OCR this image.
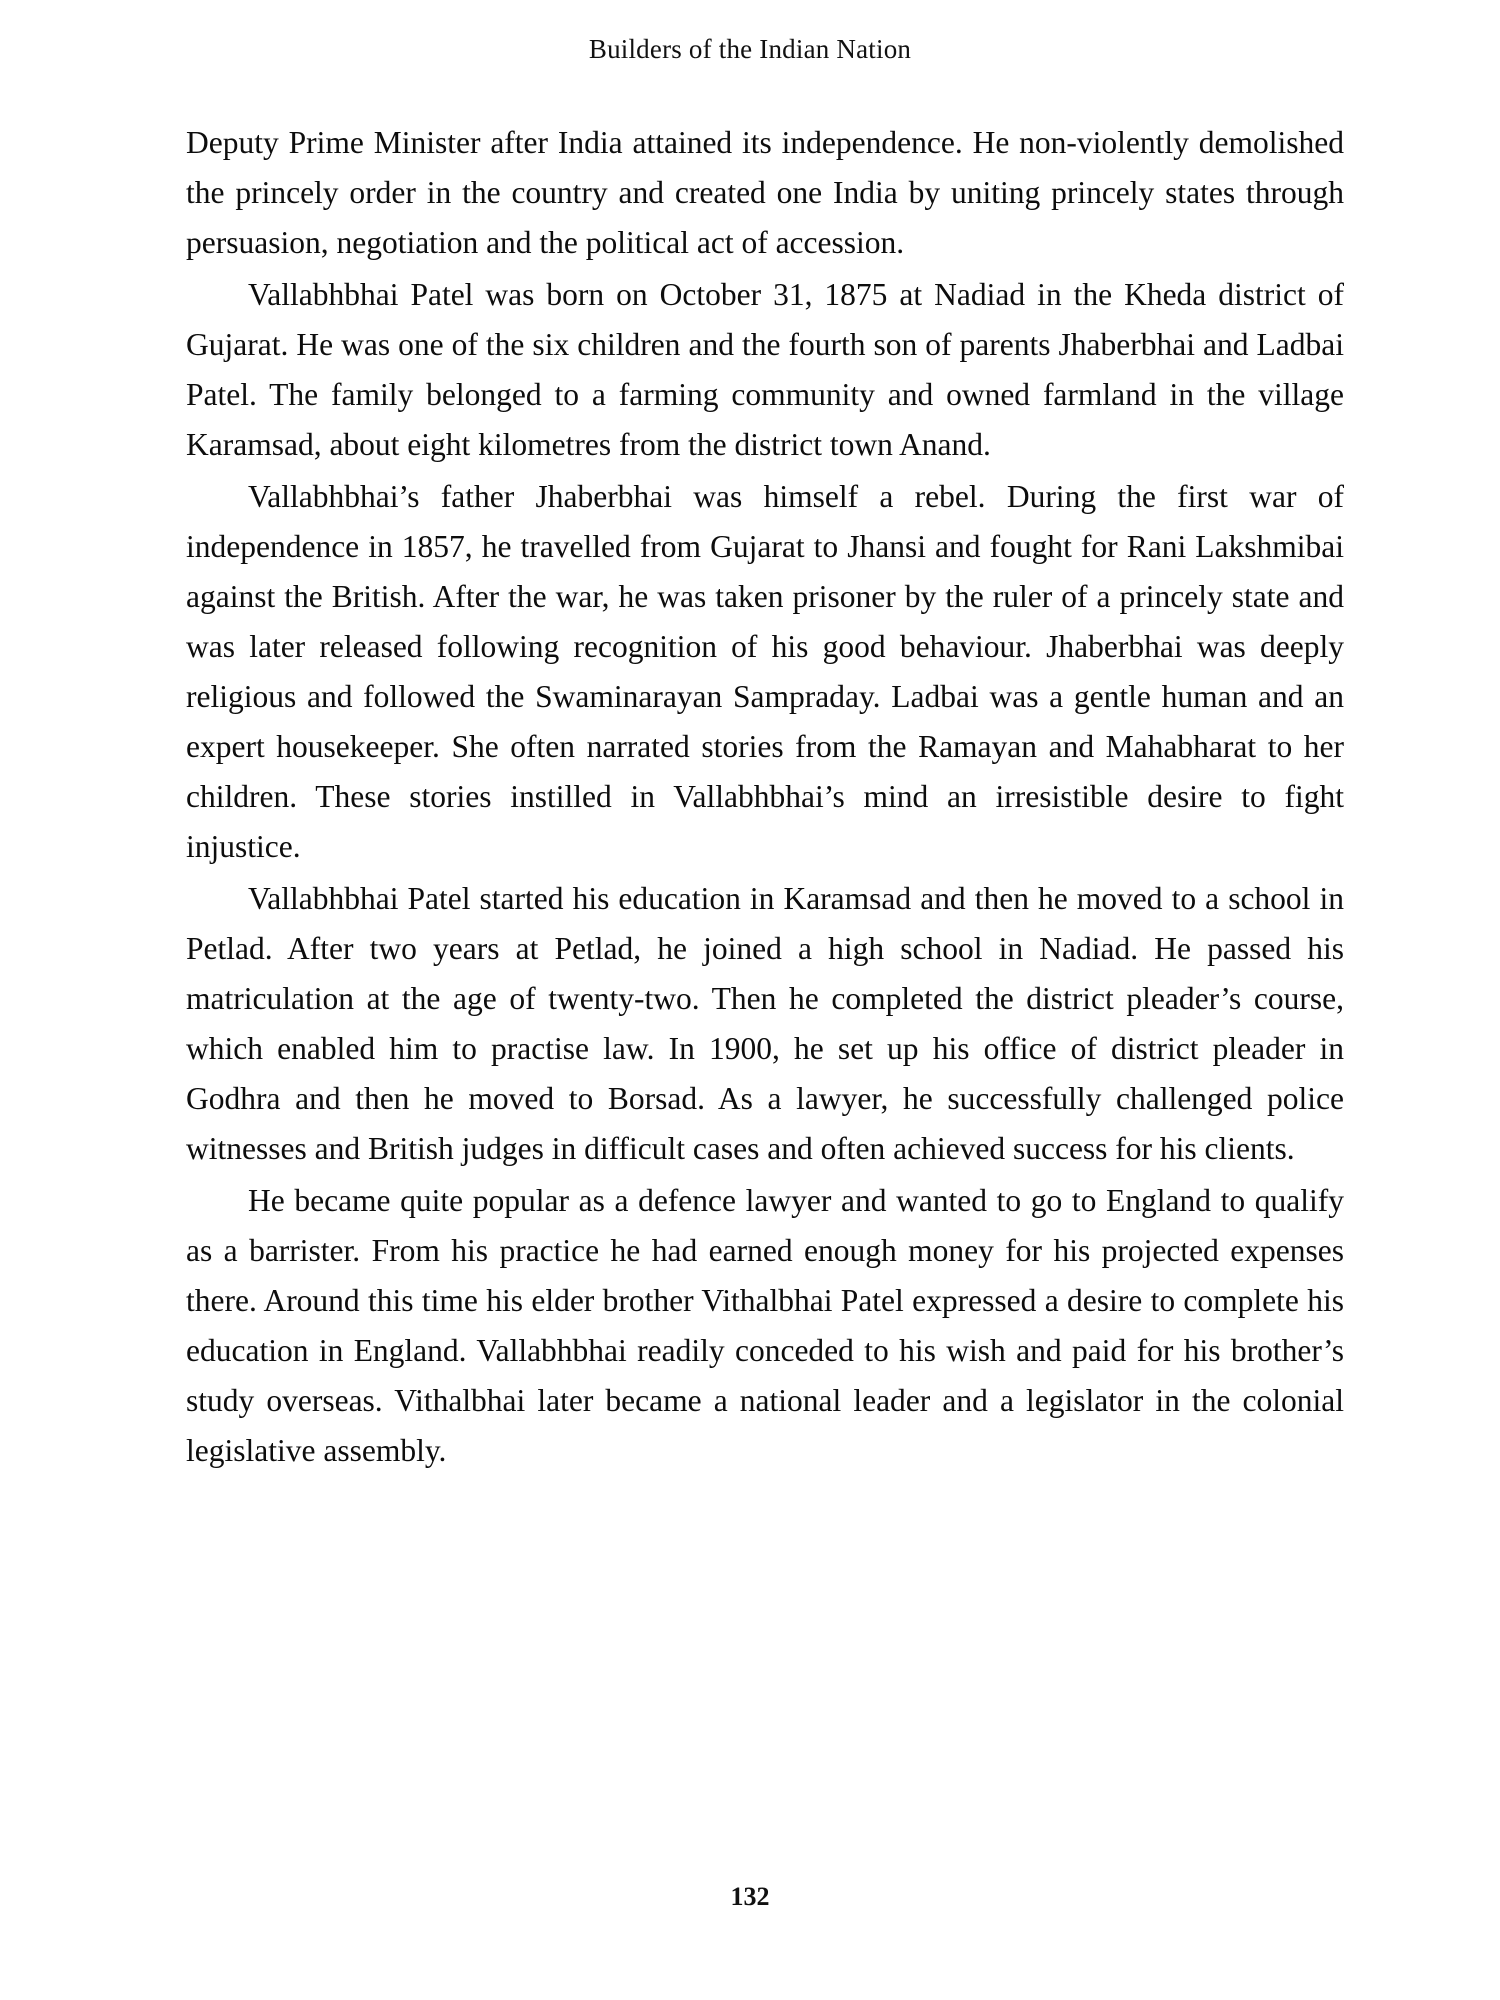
Builders of the Indian Nation

Deputy Prime Minister after India attained its independence. He non-violently demolished the princely order in the country and created one India by uniting princely states through persuasion, negotiation and the political act of accession.

Vallabhbhai Patel was born on October 31, 1875 at Nadiad in the Kheda district of Gujarat. He was one of the six children and the fourth son of parents Jhaberbhai and Ladbai Patel. The family belonged to a farming community and owned farmland in the village Karamsad, about eight kilometres from the district town Anand.

Vallabhbhai’s father Jhaberbhai was himself a rebel. During the first war of independence in 1857, he travelled from Gujarat to Jhansi and fought for Rani Lakshmibai against the British. After the war, he was taken prisoner by the ruler of a princely state and was later released following recognition of his good behaviour. Jhaberbhai was deeply religious and followed the Swaminarayan Sampraday. Ladbai was a gentle human and an expert housekeeper. She often narrated stories from the Ramayan and Mahabharat to her children. These stories instilled in Vallabhbhai’s mind an irresistible desire to fight injustice.

Vallabhbhai Patel started his education in Karamsad and then he moved to a school in Petlad. After two years at Petlad, he joined a high school in Nadiad. He passed his matriculation at the age of twenty-two. Then he completed the district pleader’s course, which enabled him to practise law. In 1900, he set up his office of district pleader in Godhra and then he moved to Borsad. As a lawyer, he successfully challenged police witnesses and British judges in difficult cases and often achieved success for his clients.

He became quite popular as a defence lawyer and wanted to go to England to qualify as a barrister. From his practice he had earned enough money for his projected expenses there. Around this time his elder brother Vithalbhai Patel expressed a desire to complete his education in England. Vallabhbhai readily conceded to his wish and paid for his brother’s study overseas. Vithalbhai later became a national leader and a legislator in the colonial legislative assembly.

132
